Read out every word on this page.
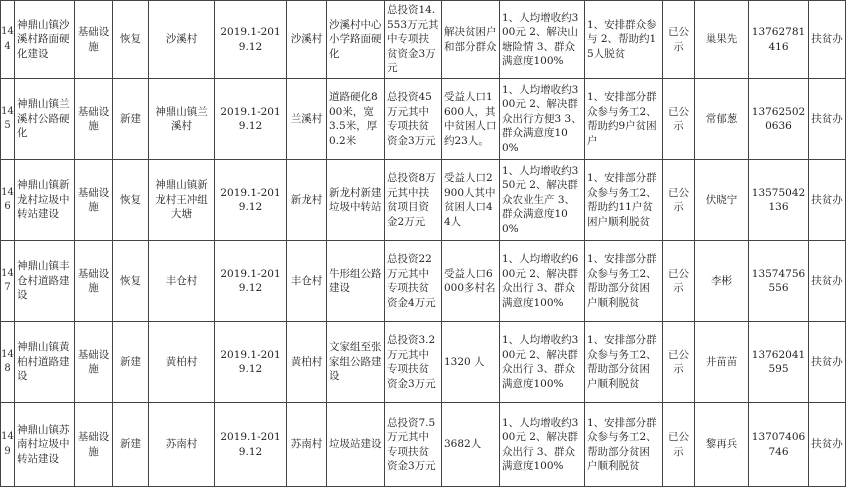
144	神鼎山镇沙溪村路面硬化建设	基础设施	恢复	沙溪村	2019.1-2019.12	沙溪村	沙溪村中心小学路面硬化	总投资14.553万元其中专项扶贫资金3万元	解决贫困户和部分群众	1、人均增收约300元 2、解决山塘险情 3、群众满意度100%	1、安排群众参与 2、帮助约15人脱贫	已公示	巢果先	13762781416	扶贫办
145	神鼎山镇兰溪村公路硬化	基础设施	新建	神鼎山镇兰溪村	2019.1-2019.12	兰溪村	道路硬化800米，宽3.5米，厚0.2米	总投资45万元其中专项扶贫资金3万元	受益人口1600人，其中贫困人口约23人。	1、人均增收约300元 2、解决群众出行方便3 3、群众满意度100%	1、安排部分群众参与务工2、帮助约9户贫困户	已公示	常郁葱	137625020636	扶贫办
146	神鼎山镇新龙村垃圾中转站建设	基础设施	恢复	神鼎山镇新龙村王冲组大塘	2019.1-2019.12	新龙村	新龙村新建垃圾中转站	总投资8万元其中扶贫项目资金2万元	受益人口2900人其中贫困人口44人	1、人均增收约350元 2、解决群众农业生产 3、群众满意度100%	1、安排部分群众参与务工2、帮助约11户贫困户顺利脱贫	已公示	伏晓宁	13575042136	扶贫办
147	神鼎山镇丰仓村道路建设	基础设施	恢复	丰仓村	2019.1-2019.12	丰仓村	牛形组公路建设	总投资22万元其中专项扶贫资金4万元	受益人口6000多村名	1、人均增收约600元 2、解决群众出行 3、群众满意度100%	1、安排部分群众参与务工2、帮助部分贫困户顺利脱贫	已公示	李彬	13574756556	扶贫办
148	神鼎山镇黄柏村道路建设	基础设施	新建	黄柏村	2019.1-2019.12	黄柏村	文家组至张家组公路建设	总投资3.2万元其中专项扶贫资金3万元	1320 人	1、人均增收约300元 2、解决群众出行 3、群众满意度100%	1、安排部分群众参与务工2、帮助部分贫困户顺利脱贫	已公示	井苗苗	13762041595	扶贫办
149	神鼎山镇苏南村垃圾中转站建设	基础设施	新建	苏南村	2019.1-2019.12	苏南村	垃圾站建设	总投资7.5万元其中专项扶贫资金3万元	3682人	1、人均增收约300元 2、解决群众出行 3、群众满意度100%	1、安排部分群众参与务工2、帮助部分贫困户顺利脱贫	已公示	黎再兵	13707406746	扶贫办
